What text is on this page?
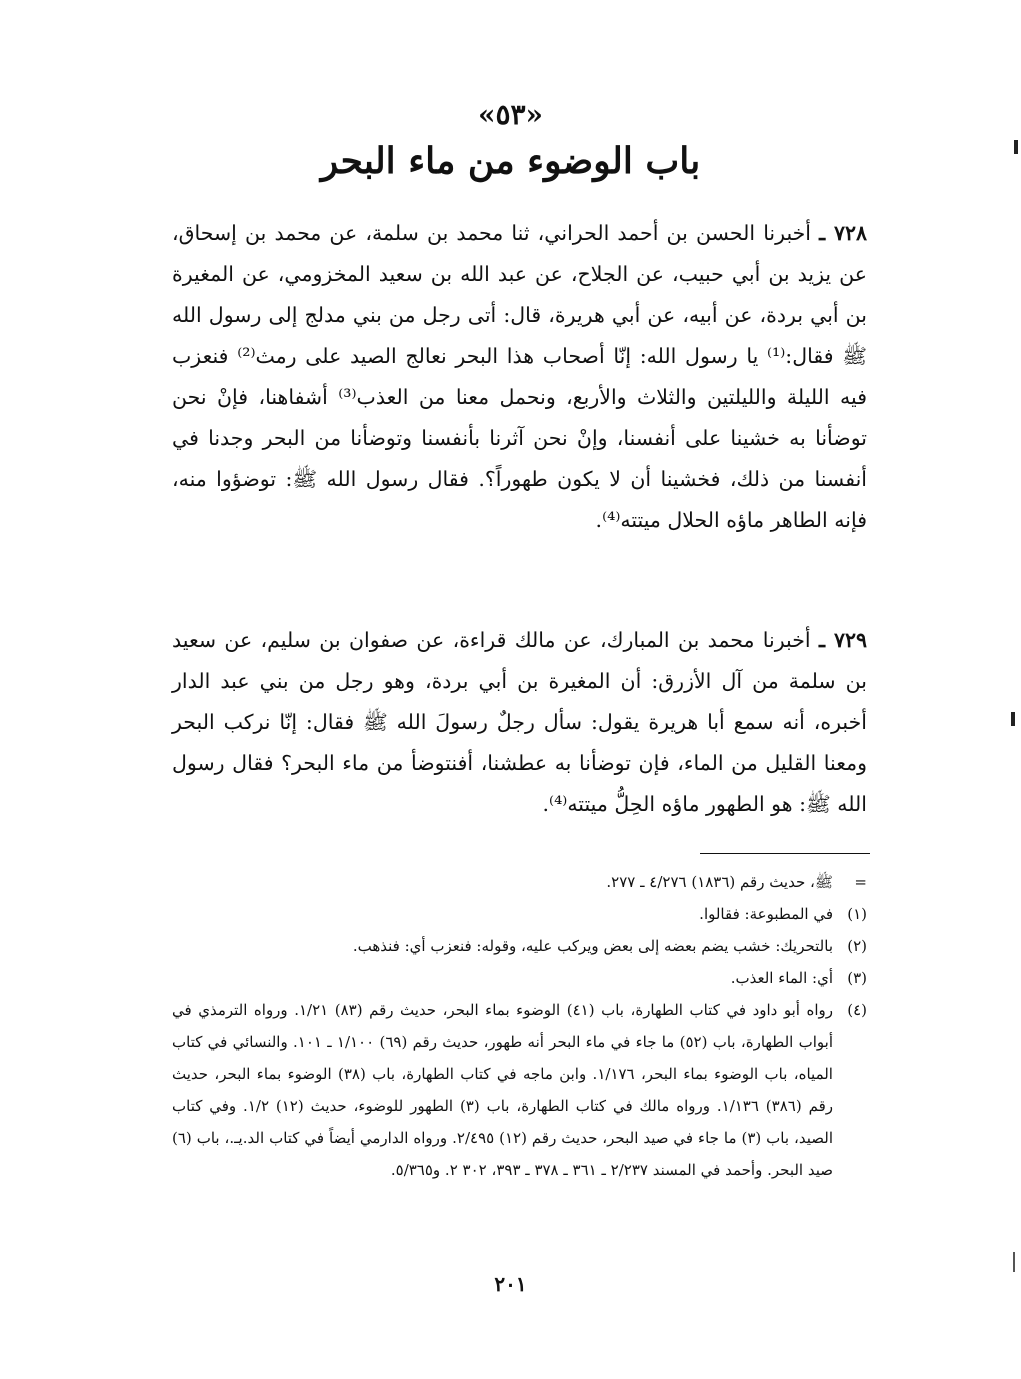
«٥٣»
باب الوضوء من ماء البحر
٧٢٨ ـ أخبرنا الحسن بن أحمد الحراني، ثنا محمد بن سلمة، عن محمد بن إسحاق، عن يزيد بن أبي حبيب، عن الجلاح، عن عبد الله بن سعيد المخزومي، عن المغيرة بن أبي بردة، عن أبيه، عن أبي هريرة، قال: أتى رجل من بني مدلج إلى رسول الله ﷺ فقال:⁽¹⁾ يا رسول الله: إنّا أصحاب هذا البحر نعالج الصيد على رمث⁽²⁾ فنعزب فيه الليلة والليلتين والثلاث والأربع، ونحمل معنا من العذب⁽³⁾ أشفاهنا، فإنْ نحن توضأنا به خشينا على أنفسنا، وإنْ نحن آثرنا بأنفسنا وتوضأنا من البحر وجدنا في أنفسنا من ذلك، فخشينا أن لا يكون طهوراً؟. فقال رسول الله ﷺ: توضؤوا منه، فإنه الطاهر ماؤه الحلال ميتته⁽⁴⁾.
٧٢٩ ـ أخبرنا محمد بن المبارك، عن مالك قراءة، عن صفوان بن سليم، عن سعيد بن سلمة من آل الأزرق: أن المغيرة بن أبي بردة، وهو رجل من بني عبد الدار أخبره، أنه سمع أبا هريرة يقول: سأل رجلٌ رسولَ الله ﷺ فقال: إنّا نركب البحر ومعنا القليل من الماء، فإن توضأنا به عطشنا، أفنتوضأ من ماء البحر؟ فقال رسول الله ﷺ: هو الطهور ماؤه الحِلُّ ميتته⁽⁴⁾.
=
ﷺ، حديث رقم (١٨٣٦) ٤/٢٧٦ ـ ٢٧٧.
(١)
في المطبوعة: فقالوا.
(٢)
بالتحريك: خشب يضم بعضه إلى بعض ويركب عليه، وقوله: فنعزب أي: فنذهب.
(٣)
أي: الماء العذب.
(٤)
رواه أبو داود في كتاب الطهارة، باب (٤١) الوضوء بماء البحر، حديث رقم (٨٣) ١/٢١. ورواه الترمذي في أبواب الطهارة، باب (٥٢) ما جاء في ماء البحر أنه طهور، حديث رقم (٦٩) ١/١٠٠ ـ ١٠١. والنسائي في كتاب المياه، باب الوضوء بماء البحر، ١/١٧٦. وابن ماجه في كتاب الطهارة، باب (٣٨) الوضوء بماء البحر، حديث رقم (٣٨٦) ١/١٣٦. ورواه مالك في كتاب الطهارة، باب (٣) الطهور للوضوء، حديث (١٢) ١/٢. وفي كتاب الصيد، باب (٣) ما جاء في صيد البحر، حديث رقم (١٢) ٢/٤٩٥. ورواه الدارمي أيضاً في كتاب الد.يـ.، باب (٦) صيد البحر. وأحمد في المسند ٢/٢٣٧ ـ ٣٦١ ـ ٣٧٨ ـ ٣٩٣، ٣٠٢ ٢. و٥/٣٦٥.
٢٠١
